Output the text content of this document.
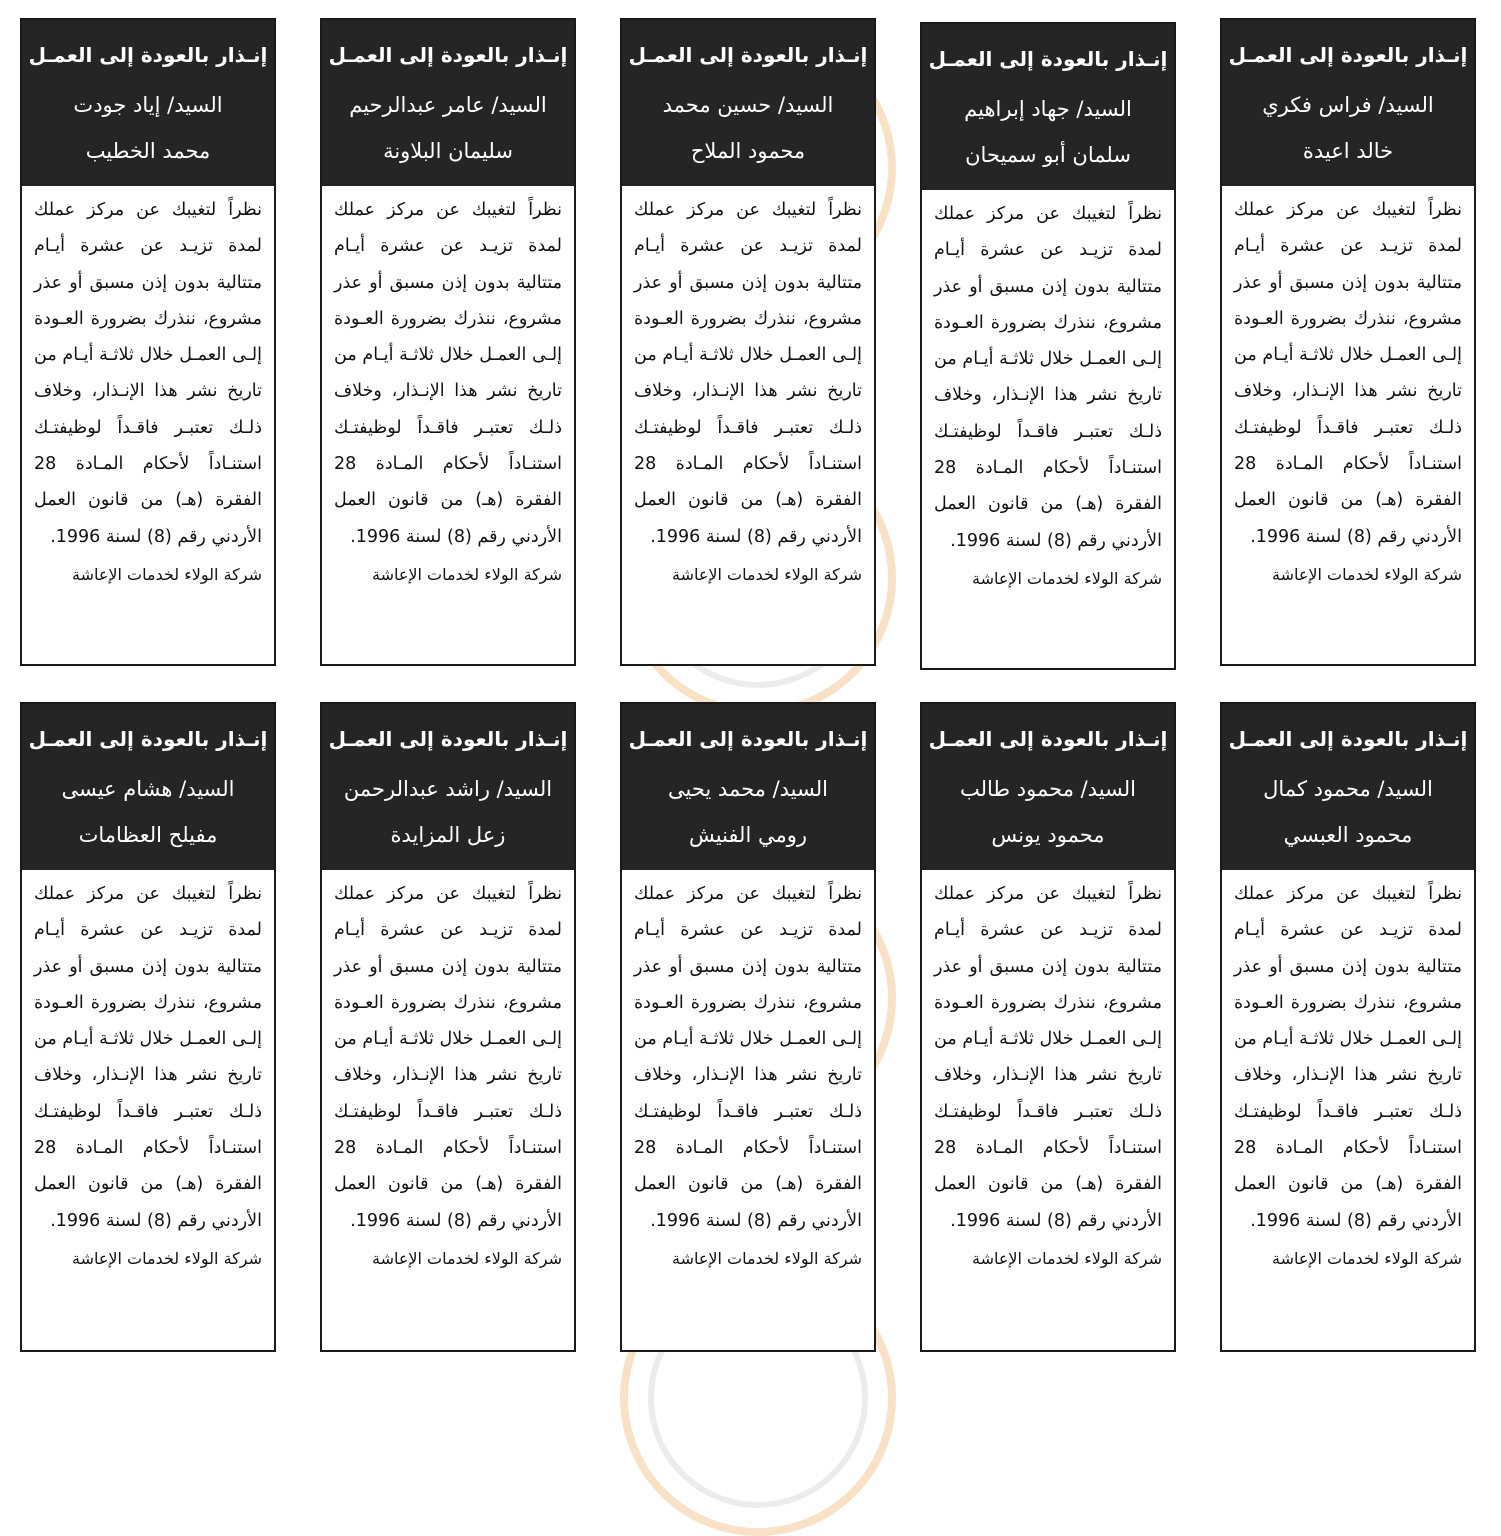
إنـذار بالعودة إلى العمـل
السيد/ إياد جودت
محمد الخطيب
نظراً لتغيبك عن مركز عملك لمدة تزيـد عن عشرة أيـام متتالية بدون إذن مسبق أو عذر مشروع، ننذرك بضرورة العـودة إلـى العمـل خلال ثلاثـة أيـام من تاريخ نشر هذا الإنـذار، وخلاف ذلـك تعتبـر فاقـداً لوظيفتـك استنـاداً لأحكام المـادة 28 الفقرة (هـ) من قانون العمل الأردني رقم (8) لسنة 1996.
شركة الولاء لخدمات الإعاشة
إنـذار بالعودة إلى العمـل
السيد/ عامر عبدالرحيم
سليمان البلاونة
نظراً لتغيبك عن مركز عملك لمدة تزيـد عن عشرة أيـام متتالية بدون إذن مسبق أو عذر مشروع، ننذرك بضرورة العـودة إلـى العمـل خلال ثلاثـة أيـام من تاريخ نشر هذا الإنـذار، وخلاف ذلـك تعتبـر فاقـداً لوظيفتـك استنـاداً لأحكام المـادة 28 الفقرة (هـ) من قانون العمل الأردني رقم (8) لسنة 1996.
شركة الولاء لخدمات الإعاشة
إنـذار بالعودة إلى العمـل
السيد/ حسين محمد
محمود الملاح
نظراً لتغيبك عن مركز عملك لمدة تزيـد عن عشرة أيـام متتالية بدون إذن مسبق أو عذر مشروع، ننذرك بضرورة العـودة إلـى العمـل خلال ثلاثـة أيـام من تاريخ نشر هذا الإنـذار، وخلاف ذلـك تعتبـر فاقـداً لوظيفتـك استنـاداً لأحكام المـادة 28 الفقرة (هـ) من قانون العمل الأردني رقم (8) لسنة 1996.
شركة الولاء لخدمات الإعاشة
إنـذار بالعودة إلى العمـل
السيد/ جهاد إبراهيم
سلمان أبو سميحان
نظراً لتغيبك عن مركز عملك لمدة تزيـد عن عشرة أيـام متتالية بدون إذن مسبق أو عذر مشروع، ننذرك بضرورة العـودة إلـى العمـل خلال ثلاثـة أيـام من تاريخ نشر هذا الإنـذار، وخلاف ذلـك تعتبـر فاقـداً لوظيفتـك استنـاداً لأحكام المـادة 28 الفقرة (هـ) من قانون العمل الأردني رقم (8) لسنة 1996.
شركة الولاء لخدمات الإعاشة
إنـذار بالعودة إلى العمـل
السيد/ فراس فكري
خالد اعيدة
نظراً لتغيبك عن مركز عملك لمدة تزيـد عن عشرة أيـام متتالية بدون إذن مسبق أو عذر مشروع، ننذرك بضرورة العـودة إلـى العمـل خلال ثلاثـة أيـام من تاريخ نشر هذا الإنـذار، وخلاف ذلـك تعتبـر فاقـداً لوظيفتـك استنـاداً لأحكام المـادة 28 الفقرة (هـ) من قانون العمل الأردني رقم (8) لسنة 1996.
شركة الولاء لخدمات الإعاشة
إنـذار بالعودة إلى العمـل
السيد/ هشام عيسى
مفيلح العظامات
نظراً لتغيبك عن مركز عملك لمدة تزيـد عن عشرة أيـام متتالية بدون إذن مسبق أو عذر مشروع، ننذرك بضرورة العـودة إلـى العمـل خلال ثلاثـة أيـام من تاريخ نشر هذا الإنـذار، وخلاف ذلـك تعتبـر فاقـداً لوظيفتـك استنـاداً لأحكام المـادة 28 الفقرة (هـ) من قانون العمل الأردني رقم (8) لسنة 1996.
شركة الولاء لخدمات الإعاشة
إنـذار بالعودة إلى العمـل
السيد/ راشد عبدالرحمن
زعل المزايدة
نظراً لتغيبك عن مركز عملك لمدة تزيـد عن عشرة أيـام متتالية بدون إذن مسبق أو عذر مشروع، ننذرك بضرورة العـودة إلـى العمـل خلال ثلاثـة أيـام من تاريخ نشر هذا الإنـذار، وخلاف ذلـك تعتبـر فاقـداً لوظيفتـك استنـاداً لأحكام المـادة 28 الفقرة (هـ) من قانون العمل الأردني رقم (8) لسنة 1996.
شركة الولاء لخدمات الإعاشة
إنـذار بالعودة إلى العمـل
السيد/ محمد يحيى
رومي الفنيش
نظراً لتغيبك عن مركز عملك لمدة تزيـد عن عشرة أيـام متتالية بدون إذن مسبق أو عذر مشروع، ننذرك بضرورة العـودة إلـى العمـل خلال ثلاثـة أيـام من تاريخ نشر هذا الإنـذار، وخلاف ذلـك تعتبـر فاقـداً لوظيفتـك استنـاداً لأحكام المـادة 28 الفقرة (هـ) من قانون العمل الأردني رقم (8) لسنة 1996.
شركة الولاء لخدمات الإعاشة
إنـذار بالعودة إلى العمـل
السيد/ محمود طالب
محمود يونس
نظراً لتغيبك عن مركز عملك لمدة تزيـد عن عشرة أيـام متتالية بدون إذن مسبق أو عذر مشروع، ننذرك بضرورة العـودة إلـى العمـل خلال ثلاثـة أيـام من تاريخ نشر هذا الإنـذار، وخلاف ذلـك تعتبـر فاقـداً لوظيفتـك استنـاداً لأحكام المـادة 28 الفقرة (هـ) من قانون العمل الأردني رقم (8) لسنة 1996.
شركة الولاء لخدمات الإعاشة
إنـذار بالعودة إلى العمـل
السيد/ محمود كمال
محمود العبسي
نظراً لتغيبك عن مركز عملك لمدة تزيـد عن عشرة أيـام متتالية بدون إذن مسبق أو عذر مشروع، ننذرك بضرورة العـودة إلـى العمـل خلال ثلاثـة أيـام من تاريخ نشر هذا الإنـذار، وخلاف ذلـك تعتبـر فاقـداً لوظيفتـك استنـاداً لأحكام المـادة 28 الفقرة (هـ) من قانون العمل الأردني رقم (8) لسنة 1996.
شركة الولاء لخدمات الإعاشة
